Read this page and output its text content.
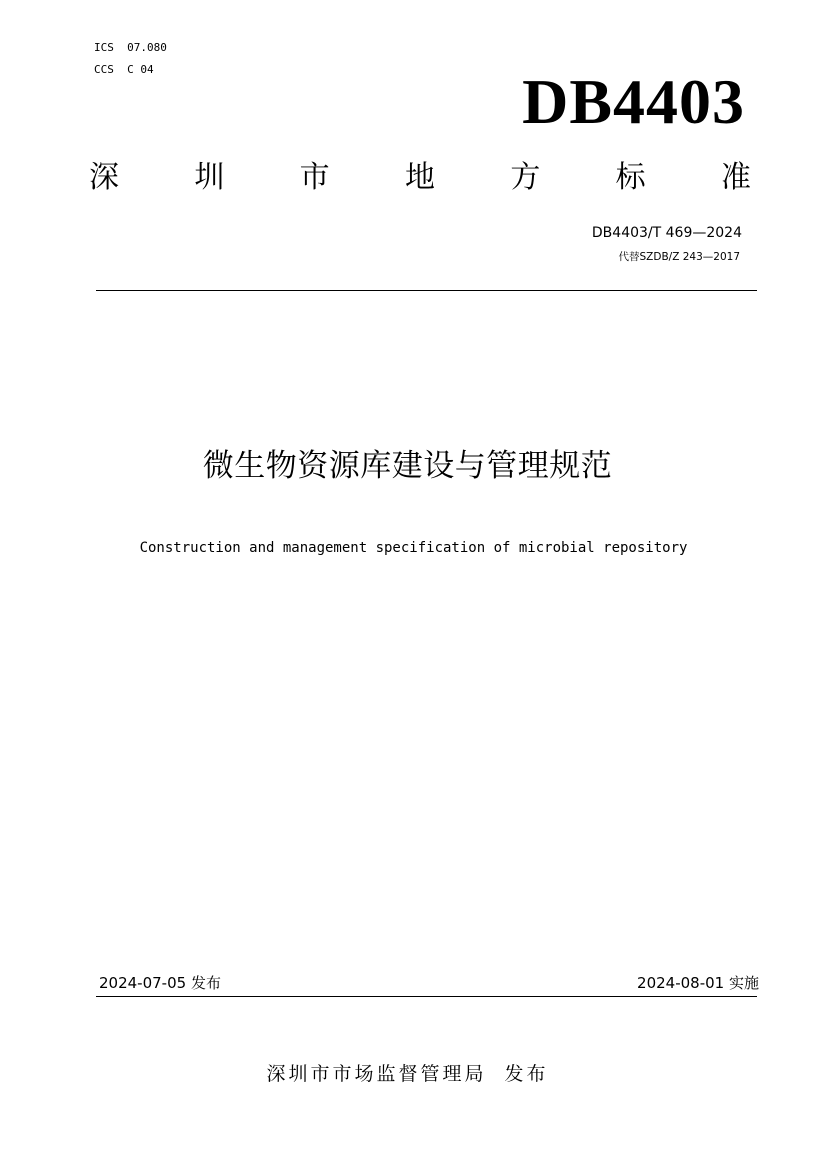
ICS  07.080
CCS  C 04	DB4403
深	圳	市	地	方	标	准
DB4403/T 469—2024
代替SZDB/Z 243—2017
微生物资源库建设与管理规范
Construction and management specification of microbial repository
2024-07-05 发布	2024-08-01 实施
深圳市市场监督管理局  发布
